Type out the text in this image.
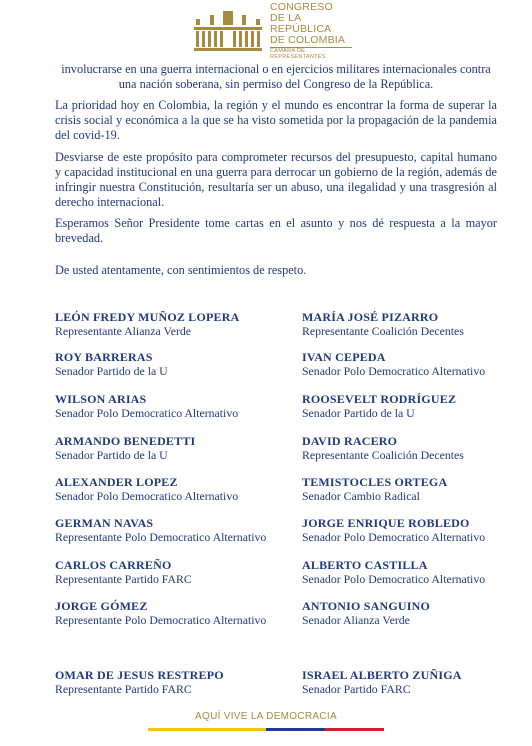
CONGRESO
DE LA REPÚBLICA
DE COLOMBIA
CÁMARA DE REPRESENTANTES

involucrarse en una guerra internacional o en ejercicios militares internacionales contra una nación soberana, sin permiso del Congreso de la República.

La prioridad hoy en Colombia, la región y el mundo es encontrar la forma de superar la crisis social y económica a la que se ha visto sometida por la propagación de la pandemia del covid-19.

Desviarse de este propósito para comprometer recursos del presupuesto, capital humano y capacidad institucional en una guerra para derrocar un gobierno de la región, además de infringir nuestra Constitución, resultaría ser un abuso, una ilegalidad y una trasgresión al derecho internacional.

Esperamos Señor Presidente tome cartas en el asunto y nos dé respuesta a la mayor brevedad.

De usted atentamente, con sentimientos de respeto.

LEÓN FREDY MUÑOZ LOPERA
Representante Alianza Verde
MARÍA JOSÉ PIZARRO
Representante Coalición Decentes
ROY BARRERAS
Senador Partido de la U
IVAN CEPEDA
Senador Polo Democratico Alternativo
WILSON ARIAS
Senador Polo Democratico Alternativo
ROOSEVELT RODRÍGUEZ
Senador Partido de la U
ARMANDO BENEDETTI
Senador Partido de la U
DAVID RACERO
Representante Coalición Decentes
ALEXANDER LOPEZ
Senador Polo Democratico Alternativo
TEMISTOCLES ORTEGA
Senador Cambio Radical
GERMAN NAVAS
Representante Polo Democratico Alternativo
JORGE ENRIQUE ROBLEDO
Senador Polo Democratico Alternativo
CARLOS CARREÑO
Representante Partido FARC
ALBERTO CASTILLA
Senador Polo Democratico Alternativo
JORGE GÓMEZ
Representante Polo Democratico Alternativo
ANTONIO SANGUINO
Senador Alianza Verde
OMAR DE JESUS RESTREPO
Representante Partido FARC
ISRAEL ALBERTO ZUÑIGA
Senador Partido FARC
AQUÍ VIVE LA DEMOCRACIA
